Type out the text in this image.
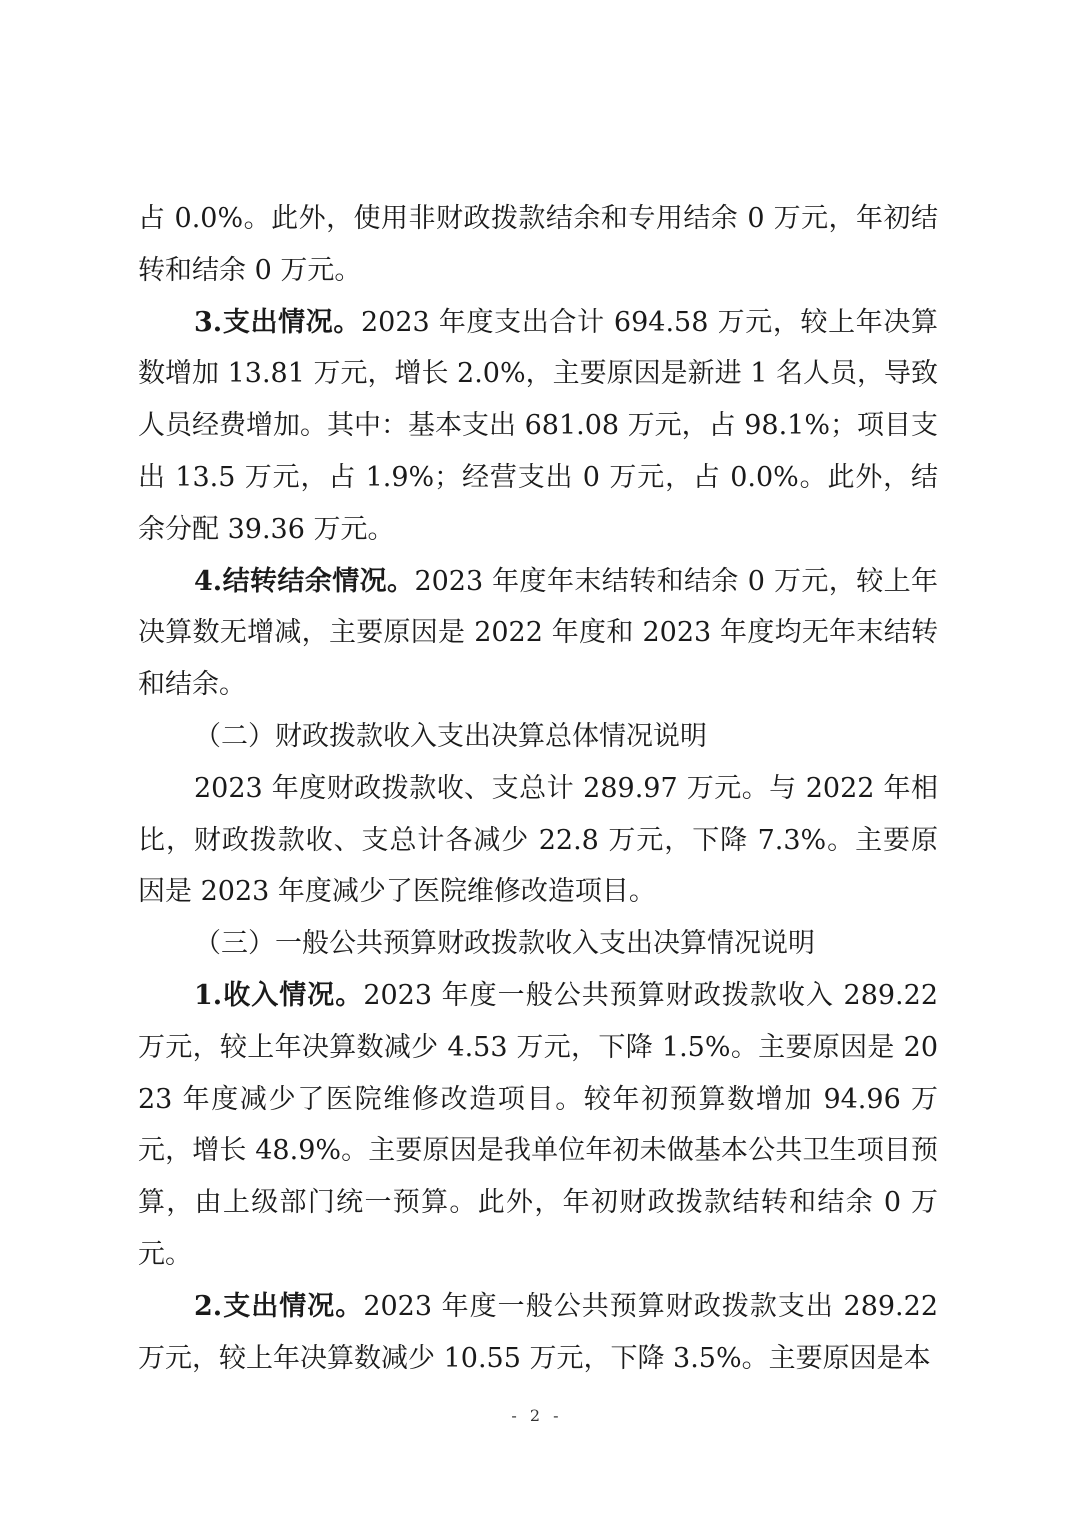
占 0.0%。此外，使用非财政拨款结余和专用结余 0 万元，年初结转和结余 0 万元。

3.支出情况。2023 年度支出合计 694.58 万元，较上年决算数增加 13.81 万元，增长 2.0%，主要原因是新进 1 名人员，导致人员经费增加。其中：基本支出 681.08 万元，占 98.1%；项目支出 13.5 万元，占 1.9%；经营支出 0 万元，占 0.0%。此外，结余分配 39.36 万元。

4.结转结余情况。2023 年度年末结转和结余 0 万元，较上年决算数无增减，主要原因是 2022 年度和 2023 年度均无年末结转和结余。

（二）财政拨款收入支出决算总体情况说明

2023 年度财政拨款收、支总计 289.97 万元。与 2022 年相比，财政拨款收、支总计各减少 22.8 万元，下降 7.3%。主要原因是 2023 年度减少了医院维修改造项目。

（三）一般公共预算财政拨款收入支出决算情况说明

1.收入情况。2023 年度一般公共预算财政拨款收入 289.22 万元，较上年决算数减少 4.53 万元，下降 1.5%。主要原因是 2023 年度减少了医院维修改造项目。较年初预算数增加 94.96 万元，增长 48.9%。主要原因是我单位年初未做基本公共卫生项目预算，由上级部门统一预算。此外，年初财政拨款结转和结余 0 万元。

2.支出情况。2023 年度一般公共预算财政拨款支出 289.22 万元，较上年决算数减少 10.55 万元，下降 3.5%。主要原因是本

- 2 -
